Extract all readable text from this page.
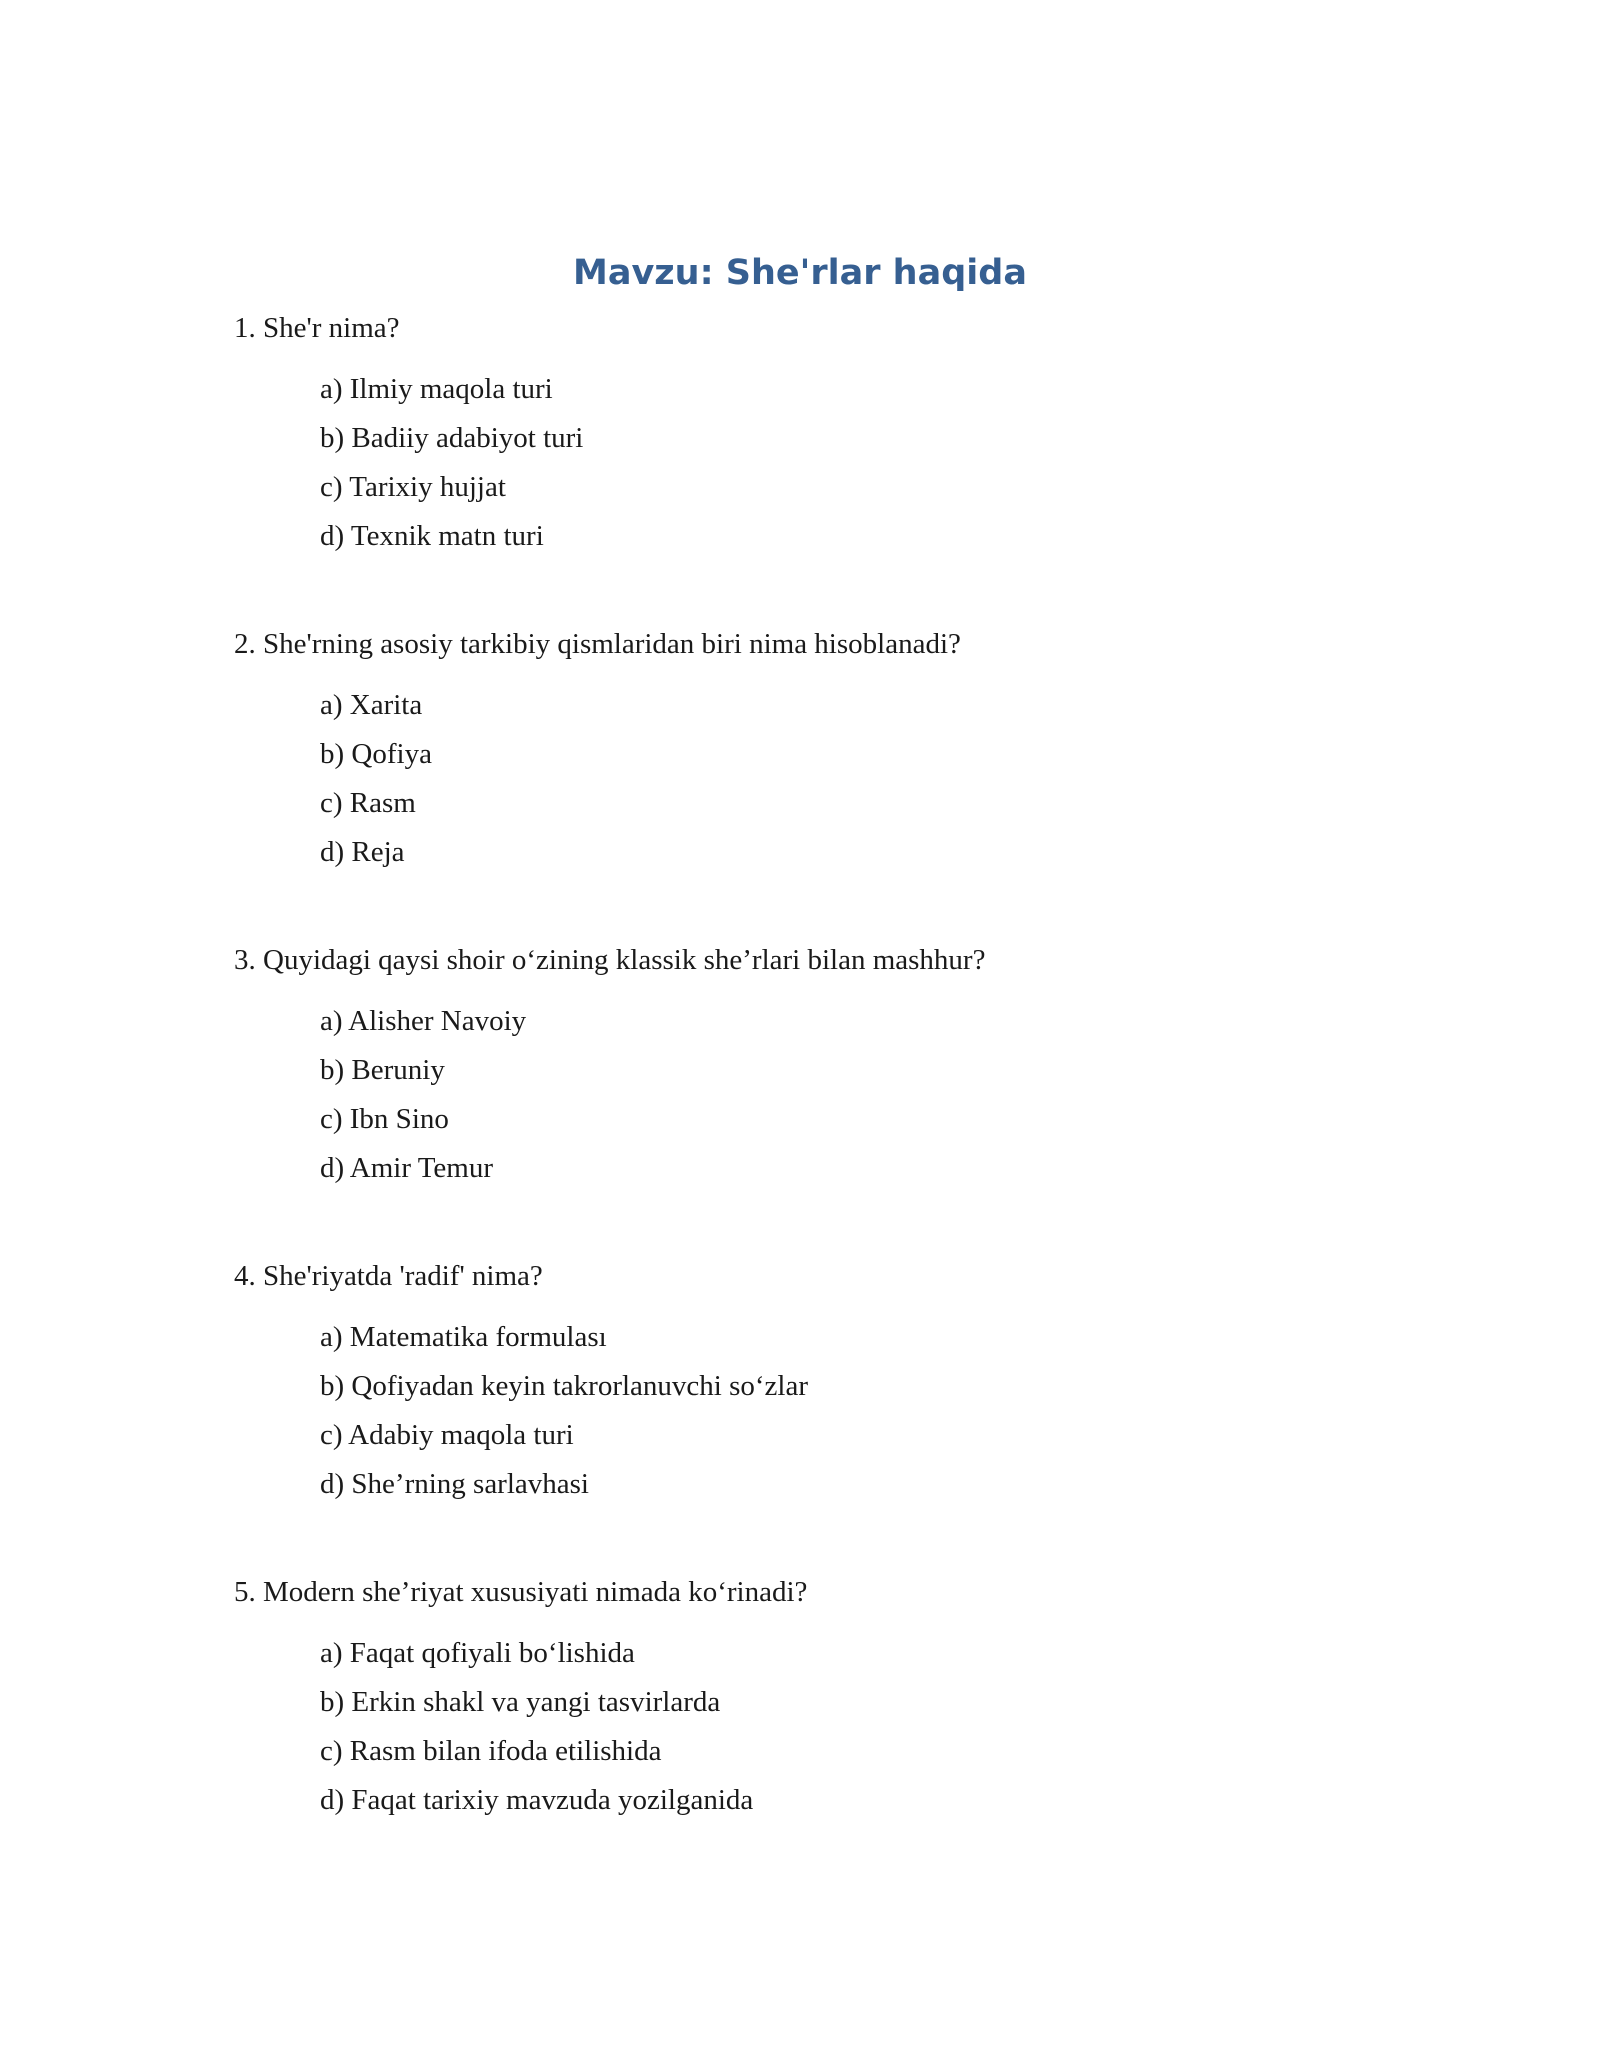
Mavzu: She'rlar haqida

1. She'r nima?

a) Ilmiy maqola turi
b) Badiiy adabiyot turi
c) Tarixiy hujjat
d) Texnik matn turi

2. She'rning asosiy tarkibiy qismlaridan biri nima hisoblanadi?

a) Xarita
b) Qofiya
c) Rasm
d) Reja

3. Quyidagi qaysi shoir o‘zining klassik she’rlari bilan mashhur?

a) Alisher Navoiy
b) Beruniy
c) Ibn Sino
d) Amir Temur

4. She'riyatda 'radif' nima?

a) Matematika formulası
b) Qofiyadan keyin takrorlanuvchi so‘zlar
c) Adabiy maqola turi
d) She’rning sarlavhasi

5. Modern she’riyat xususiyati nimada ko‘rinadi?

a) Faqat qofiyali bo‘lishida
b) Erkin shakl va yangi tasvirlarda
c) Rasm bilan ifoda etilishida
d) Faqat tarixiy mavzuda yozilganida
